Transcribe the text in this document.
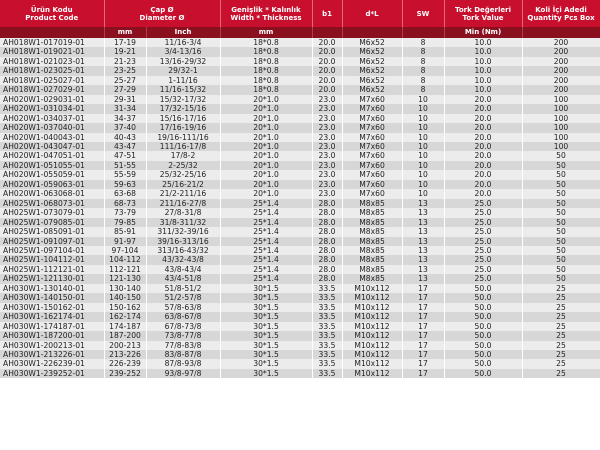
Ürün Kodu
Product Code	Çap Ø
Diameter Ø		Genişlik * Kalınlık
Width * Thickness	b1	d*L	SW	Tork Değerleri
Tork Value	Koli İçi Adedi
Quantity Pcs Box
	mm	Inch	mm				Min (Nm)	
AH018W1-017019-01	17-19	11/16-3/4	18*0.8	20.0	M6x52	8	10.0	200
AH018W1-019021-01	19-21	3/4-13/16	18*0.8	20.0	M6x52	8	10.0	200
AH018W1-021023-01	21-23	13/16-29/32	18*0.8	20.0	M6x52	8	10.0	200
AH018W1-023025-01	23-25	29/32-1	18*0.8	20.0	M6x52	8	10.0	200
AH018W1-025027-01	25-27	1-11/16	18*0.8	20.0	M6x52	8	10.0	200
AH018W1-027029-01	27-29	11/16-15/32	18*0.8	20.0	M6x52	8	10.0	200
AH020W1-029031-01	29-31	15/32-17/32	20*1.0	23.0	M7x60	10	20.0	100
AH020W1-031034-01	31-34	17/32-15/16	20*1.0	23.0	M7x60	10	20.0	100
AH020W1-034037-01	34-37	15/16-17/16	20*1.0	23.0	M7x60	10	20.0	100
AH020W1-037040-01	37-40	17/16-19/16	20*1.0	23.0	M7x60	10	20.0	100
AH020W1-040043-01	40-43	19/16-111/16	20*1.0	23.0	M7x60	10	20.0	100
AH020W1-043047-01	43-47	111/16-17/8	20*1.0	23.0	M7x60	10	20.0	100
AH020W1-047051-01	47-51	17/8-2	20*1.0	23.0	M7x60	10	20.0	50
AH020W1-051055-01	51-55	2-25/32	20*1.0	23.0	M7x60	10	20.0	50
AH020W1-055059-01	55-59	25/32-25/16	20*1.0	23.0	M7x60	10	20.0	50
AH020W1-059063-01	59-63	25/16-21/2	20*1.0	23.0	M7x60	10	20.0	50
AH020W1-063068-01	63-68	21/2-211/16	20*1.0	23.0	M7x60	10	20.0	50
AH025W1-068073-01	68-73	211/16-27/8	25*1.4	28.0	M8x85	13	25.0	50
AH025W1-073079-01	73-79	27/8-31/8	25*1.4	28.0	M8x85	13	25.0	50
AH025W1-079085-01	79-85	31/8-311/32	25*1.4	28.0	M8x85	13	25.0	50
AH025W1-085091-01	85-91	311/32-39/16	25*1.4	28.0	M8x85	13	25.0	50
AH025W1-091097-01	91-97	39/16-313/16	25*1.4	28.0	M8x85	13	25.0	50
AH025W1-097104-01	97-104	313/16-43/32	25*1.4	28.0	M8x85	13	25.0	50
AH025W1-104112-01	104-112	43/32-43/8	25*1.4	28.0	M8x85	13	25.0	50
AH025W1-112121-01	112-121	43/8-43/4	25*1.4	28.0	M8x85	13	25.0	50
AH025W1-121130-01	121-130	43/4-51/8	25*1.4	28.0	M8x85	13	25.0	50
AH030W1-130140-01	130-140	51/8-51/2	30*1.5	33.5	M10x112	17	50.0	25
AH030W1-140150-01	140-150	51/2-57/8	30*1.5	33.5	M10x112	17	50.0	25
AH030W1-150162-01	150-162	57/8-63/8	30*1.5	33.5	M10x112	17	50.0	25
AH030W1-162174-01	162-174	63/8-67/8	30*1.5	33.5	M10x112	17	50.0	25
AH030W1-174187-01	174-187	67/8-73/8	30*1.5	33.5	M10x112	17	50.0	25
AH030W1-187200-01	187-200	73/8-77/8	30*1.5	33.5	M10x112	17	50.0	25
AH030W1-200213-01	200-213	77/8-83/8	30*1.5	33.5	M10x112	17	50.0	25
AH030W1-213226-01	213-226	83/8-87/8	30*1.5	33.5	M10x112	17	50.0	25
AH030W1-226239-01	226-239	87/8-93/8	30*1.5	33.5	M10x112	17	50.0	25
AH030W1-239252-01	239-252	93/8-97/8	30*1.5	33.5	M10x112	17	50.0	25
